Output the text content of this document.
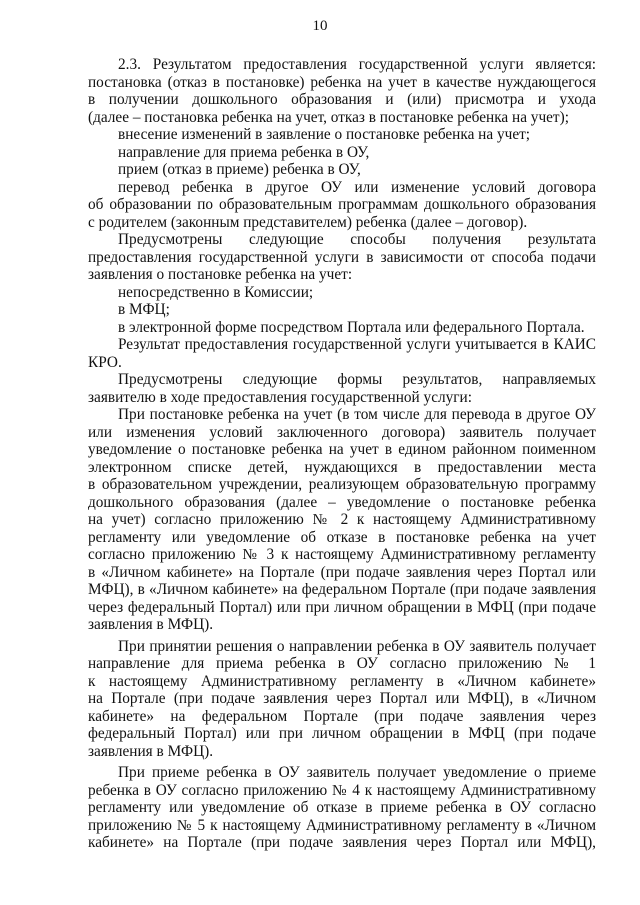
10
2.3. Результатом предоставления государственной услуги является:
постановка (отказ в постановке) ребенка на учет в качестве нуждающегося
в получении дошкольного образования и (или) присмотра и ухода
(далее – постановка ребенка на учет, отказ в постановке ребенка на учет);
внесение изменений в заявление о постановке ребенка на учет;
направление для приема ребенка в ОУ,
прием (отказ в приеме) ребенка в ОУ,
перевод ребенка в другое ОУ или изменение условий договора
об образовании по образовательным программам дошкольного образования
с родителем (законным представителем) ребенка (далее – договор).
Предусмотрены следующие способы получения результата
предоставления государственной услуги в зависимости от способа подачи
заявления о постановке ребенка на учет:
непосредственно в Комиссии;
в МФЦ;
в электронной форме посредством Портала или федерального Портала.
Результат предоставления государственной услуги учитывается в КАИС
КРО.
Предусмотрены следующие формы результатов, направляемых
заявителю в ходе предоставления государственной услуги:
При постановке ребенка на учет (в том числе для перевода в другое ОУ
или изменения условий заключенного договора) заявитель получает
уведомление о постановке ребенка на учет в едином районном поименном
электронном списке детей, нуждающихся в предоставлении места
в образовательном учреждении, реализующем образовательную программу
дошкольного образования (далее – уведомление о постановке ребенка
на учет) согласно приложению № 2 к настоящему Административному
регламенту или уведомление об отказе в постановке ребенка на учет
согласно приложению № 3 к настоящему Административному регламенту
в «Личном кабинете» на Портале (при подаче заявления через Портал или
МФЦ), в «Личном кабинете» на федеральном Портале (при подаче заявления
через федеральный Портал) или при личном обращении в МФЦ (при подаче
заявления в МФЦ).
При принятии решения о направлении ребенка в ОУ заявитель получает
направление для приема ребенка в ОУ согласно приложению № 1
к настоящему Административному регламенту в «Личном кабинете»
на Портале (при подаче заявления через Портал или МФЦ), в «Личном
кабинете» на федеральном Портале (при подаче заявления через
федеральный Портал) или при личном обращении в МФЦ (при подаче
заявления в МФЦ).
При приеме ребенка в ОУ заявитель получает уведомление о приеме
ребенка в ОУ согласно приложению № 4 к настоящему Административному
регламенту или уведомление об отказе в приеме ребенка в ОУ согласно
приложению № 5 к настоящему Административному регламенту в «Личном
кабинете» на Портале (при подаче заявления через Портал или МФЦ),
